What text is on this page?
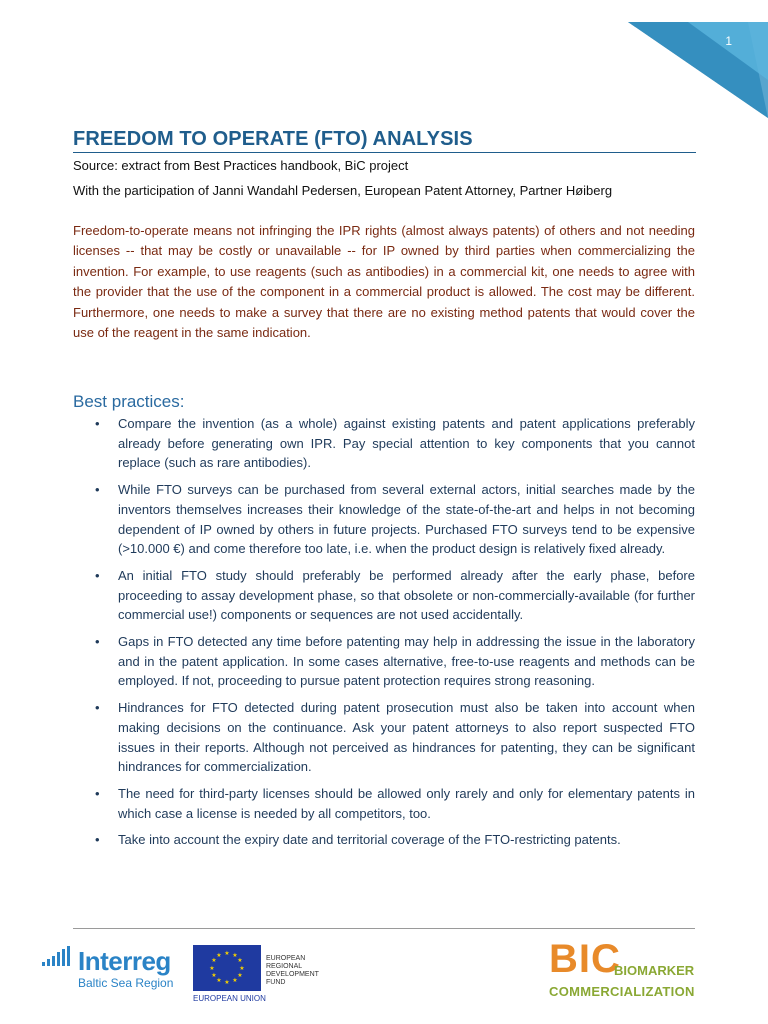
1
FREEDOM TO OPERATE (FTO) ANALYSIS
Source: extract from Best Practices handbook, BiC project
With the participation of Janni Wandahl Pedersen, European Patent Attorney, Partner Høiberg
Freedom-to-operate means not infringing the IPR rights (almost always patents) of others and not needing licenses -- that may be costly or unavailable -- for IP owned by third parties when commercializing the invention. For example, to use reagents (such as antibodies) in a commercial kit, one needs to agree with the provider that the use of the component in a commercial product is allowed. The cost may be different. Furthermore, one needs to make a survey that there are no existing method patents that would cover the use of the reagent in the same indication.
Best practices:
• Compare the invention (as a whole) against existing patents and patent applications preferably already before generating own IPR. Pay special attention to key components that you cannot replace (such as rare antibodies).
• While FTO surveys can be purchased from several external actors, initial searches made by the inventors themselves increases their knowledge of the state-of-the-art and helps in not becoming dependent of IP owned by others in future projects. Purchased FTO surveys tend to be expensive (>10.000 €) and come therefore too late, i.e. when the product design is relatively fixed already.
• An initial FTO study should preferably be performed already after the early phase, before proceeding to assay development phase, so that obsolete or non-commercially-available (for further commercial use!) components or sequences are not used accidentally.
• Gaps in FTO detected any time before patenting may help in addressing the issue in the laboratory and in the patent application. In some cases alternative, free-to-use reagents and methods can be employed. If not, proceeding to pursue patent protection requires strong reasoning.
• Hindrances for FTO detected during patent prosecution must also be taken into account when making decisions on the continuance. Ask your patent attorneys to also report suspected FTO issues in their reports. Although not perceived as hindrances for patenting, they can be significant hindrances for commercialization.
• The need for third-party licenses should be allowed only rarely and only for elementary patents in which case a license is needed by all competitors, too.
• Take into account the expiry date and territorial coverage of the FTO-restricting patents.
Interreg
Baltic Sea Region
★ ★
★
★
★
★
★
★
★
★
★
★
EUROPEAN UNION
EUROPEAN
REGIONAL
DEVELOPMENT
FUND
BIC
BIOMARKER
COMMERCIALIZATION
